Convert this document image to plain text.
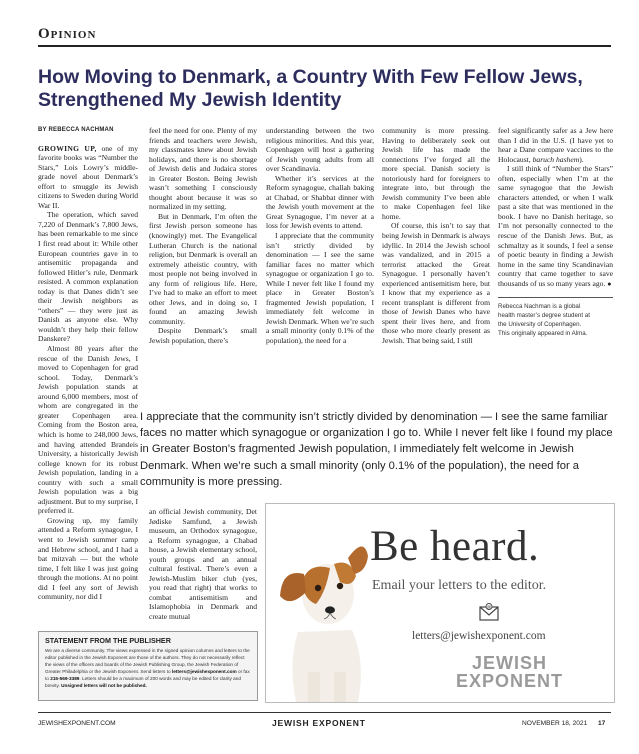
Opinion
How Moving to Denmark, a Country With Few Fellow Jews, Strengthened My Jewish Identity
BY REBECCA NACHMAN

GROWING UP, one of my favorite books was “Number the Stars,” Lois Lowry’s middle-grade novel about Denmark’s effort to smuggle its Jewish citizens to Sweden during World War II.

The operation, which saved 7,220 of Denmark’s 7,800 Jews, has been remarkable to me since I first read about it: While other European countries gave in to antisemitic propaganda and followed Hitler’s rule, Denmark resisted. A common explanation today is that Danes didn’t see their Jewish neighbors as “others” — they were just as Danish as anyone else. Why wouldn’t they help their fellow Danskere?

Almost 80 years after the rescue of the Danish Jews, I moved to Copenhagen for grad school. Today, Denmark’s Jewish population stands at around 6,000 members, most of whom are congregated in the greater Copenhagen area. Coming from the Boston area, which is home to 248,000 Jews, and having attended Brandeis University, a historically Jewish college known for its robust Jewish population, landing in a country with such a small Jewish population was a big adjustment. But to my surprise, I preferred it.

Growing up, my family attended a Reform synagogue, I went to Jewish summer camp and Hebrew school, and I had a bat mitzvah — but the whole time, I felt like I was just going through the motions. At no point did I feel any sort of Jewish community, nor did I

feel the need for one. Plenty of my friends and teachers were Jewish, my classmates knew about Jewish holidays, and there is no shortage of Jewish delis and Judaica stores in Greater Boston. Being Jewish wasn’t something I consciously thought about because it was so normalized in my setting.

But in Denmark, I’m often the first Jewish person someone has (knowingly) met. The Evangelical Lutheran Church is the national religion, but Denmark is overall an extremely atheistic country, with most people not being involved in any form of religious life. Here, I’ve had to make an effort to meet other Jews, and in doing so, I found an amazing Jewish community.

Despite Denmark’s small Jewish population, there’s

an official Jewish community, Det Jødiske Samfund, a Jewish museum, an Orthodox synagogue, a Reform synagogue, a Chabad house, a Jewish elementary school, youth groups and an annual cultural festival. There’s even a Jewish-Muslim biker club (yes, you read that right) that works to combat antisemitism and Islamophobia in Denmark and create mutual

understanding between the two religious minorities. And this year, Copenhagen will host a gathering of Jewish young adults from all over Scandinavia.

Whether it’s services at the Reform synagogue, challah baking at Chabad, or Shabbat dinner with the Jewish youth movement at the Great Synagogue, I’m never at a loss for Jewish events to attend.

I appreciate that the community isn’t strictly divided by denomination — I see the same familiar faces no matter which synagogue or organization I go to. While I never felt like I found my place in Greater Boston’s fragmented Jewish population, I immediately felt welcome in Jewish Denmark. When we’re such a small minority (only 0.1% of the population), the need for a

community is more pressing. Having to deliberately seek out Jewish life has made the connections I’ve forged all the more special. Danish society is notoriously hard for foreigners to integrate into, but through the Jewish community I’ve been able to make Copenhagen feel like home.

Of course, this isn’t to say that being Jewish in Denmark is always idyllic. In 2014 the Jewish school was vandalized, and in 2015 a terrorist attacked the Great Synagogue. I personally haven’t experienced antisemitism here, but I know that my experience as a recent transplant is different from those of Jewish Danes who have spent their lives here, and from those who more clearly present as Jewish. That being said, I still

feel significantly safer as a Jew here than I did in the U.S. (I have yet to hear a Dane compare vaccines to the Holocaust, baruch hashem).

I still think of “Number the Stars” often, especially when I’m at the same synagogue that the Jewish characters attended, or when I walk past a site that was mentioned in the book. I have no Danish heritage, so I’m not personally connected to the rescue of the Danish Jews. But, as schmaltzy as it sounds, I feel a sense of poetic beauty in finding a Jewish home in the same tiny Scandinavian country that came together to save thousands of us so many years ago. ●

Rebecca Nachman is a global
health master’s degree student at
the University of Copenhagen.
This originally appeared in Alma.
I appreciate that the community isn’t strictly divided by denomination — I see the same familiar faces no matter which synagogue or organization I go to. While I never felt like I found my place in Greater Boston’s fragmented Jewish population, I immediately felt welcome in Jewish Denmark. When we’re such a small minority (only 0.1% of the population), the need for a community is more pressing.
Be heard.
Email your letters to the editor.
@
letters@jewishexponent.com
JEWISH
EXPONENT
STATEMENT FROM THE PUBLISHER
We are a diverse community. The views expressed in the signed opinion columns and letters to the editor published in the Jewish Exponent are those of the authors. They do not necessarily reflect the views of the officers and boards of the Jewish Publishing Group, the Jewish Federation of Greater Philadelphia or the Jewish Exponent. Send letters to letters@jewishexponent.com or fax to 215-569-3389. Letters should be a maximum of 200 words and may be edited for clarity and brevity. Unsigned letters will not be published.
JEWISHEXPONENT.COM	JEWISH EXPONENT	NOVEMBER 18, 2021 17
